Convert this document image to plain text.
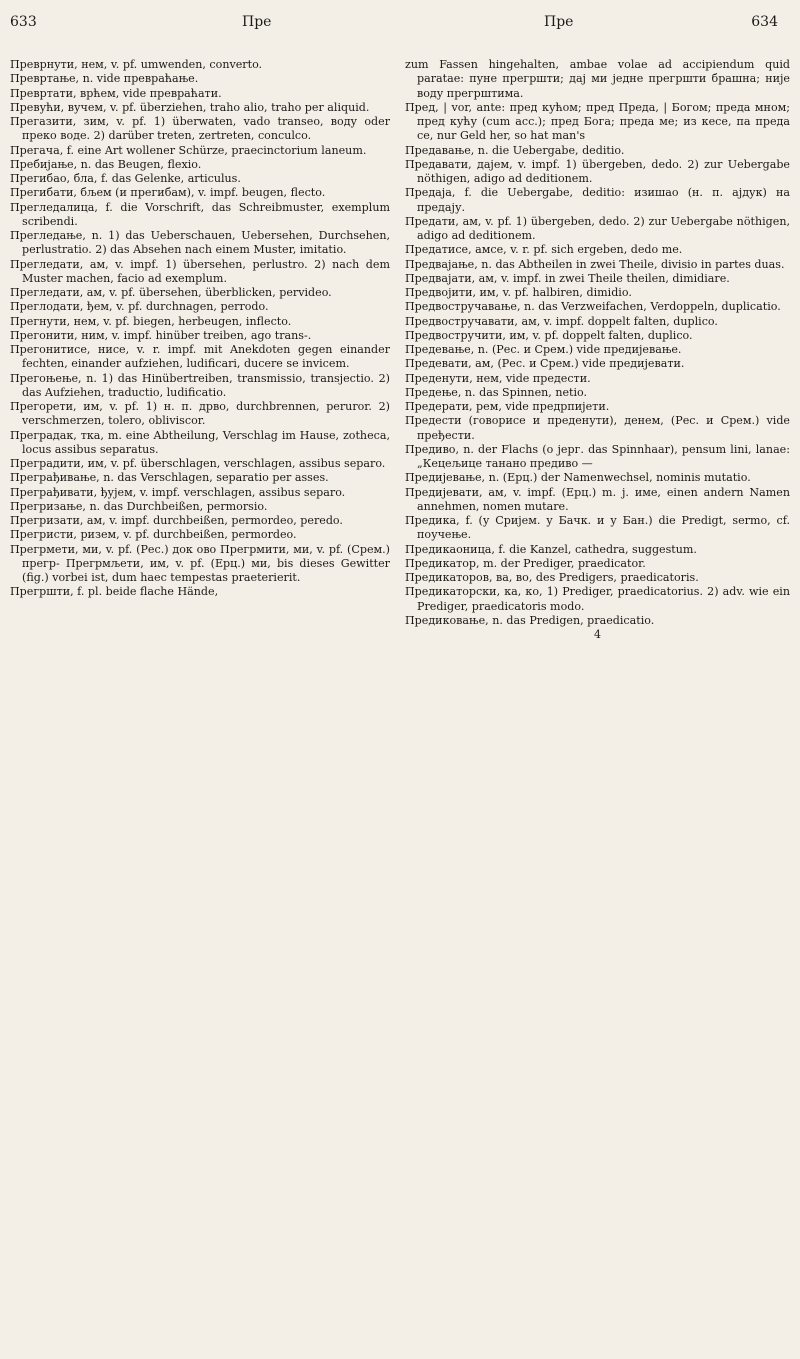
633	Пре	Пре	634

Преврнути, нем, v. pf. umwenden, converto.

Превртање, n. vide превраћање.

Превртати, врћем, vide превраћати.

Превући, вучем, v. pf. überziehen, traho alio, traho per aliquid.

Прегазити, зим, v. pf. 1) überwaten, vado transeo, воду oder преко воде. 2) darüber treten, zertreten, conculco.

Прегача, f. eine Art wollener Schürze, praecinctorium laneum.

Пребијање, n. das Beugen, flexio.

Прегибао, бла, f. das Gelenke, articulus.

Прегибати, бљем (и прегибам), v. impf. beugen, flecto.

Прегледалица, f. die Vorschrift, das Schreibmuster, exemplum scribendi.

Прегледање, n. 1) das Ueberschauen, Uebersehen, Durchsehen, perlustratio. 2) das Absehen nach einem Muster, imitatio.

Прегледати, ам, v. impf. 1) übersehen, perlustro. 2) nach dem Muster machen, facio ad exemplum.

Прегледати, ам, v. pf. übersehen, überblicken, pervideo.

Преглодати, ђем, v. pf. durchnagen, perrodo.

Прегнути, нем, v. pf. biegen, herbeugen, inflecto.

Прегонити, ним, v. impf. hinüber treiben, ago trans-.

Прегонитисе, нисе, v. r. impf. mit Anekdoten gegen einander fechten, einander aufziehen, ludificari, ducere se invicem.

Прегоњење, n. 1) das Hinübertreiben, transmissio, transjectio. 2) das Aufziehen, traductio, ludificatio.

Прегорети, им, v. pf. 1) н. п. дрво, durchbrennen, peruror. 2) verschmerzen, tolero, obliviscor.

Преградак, тка, m. eine Abtheilung, Verschlag im Hause, zotheca, locus assibus separatus.

Преградити, им, v. pf. überschlagen, verschlagen, assibus separo.

Преграђивање, n. das Verschlagen, separatio per asses.

Преграђивати, ђујем, v. impf. verschlagen, assibus separo.

Прегризање, n. das Durchbeißen, permorsio.

Прегризати, ам, v. impf. durchbeißen, permordeo, peredo.

Прегристи, ризем, v. pf. durchbeißen, permordeo.

Прегрмети, ми, v. pf. (Рес.) док ово Прегрмити, ми, v. pf. (Срем.) прегр- Прегрмљети, им, v. pf. (Ерц.) ми, bis dieses Gewitter (fig.) vorbei ist, dum haec tempestas praeterierit.

Прегршти, f. pl. beide flache Hände,

zum Fassen hingehalten, ambae volae ad accipiendum quid paratae: пуне прегршти; дај ми једне прегршти брашна; није воду прегрштима.

Пред, | vor, ante: пред кућом; пред Преда, | Богом; преда мном; пред кућу (cum acc.); пред Бога; преда ме; из кесе, па преда се, nur Geld her, so hat man's

Предавање, n. die Uebergabe, deditio.

Предавати, дајем, v. impf. 1) übergeben, dedo. 2) zur Uebergabe nöthigen, adigo ad deditionem.

Предаја, f. die Uebergabe, deditio: изишао (н. п. ајдук) на предају.

Предати, ам, v. pf. 1) übergeben, dedo. 2) zur Uebergabe nöthigen, adigo ad deditionem.

Предатисе, амсе, v. r. pf. sich ergeben, dedo me.

Предвајање, n. das Abtheilen in zwei Theile, divisio in partes duas.

Предвајати, ам, v. impf. in zwei Theile theilen, dimidiare.

Предвојити, им, v. pf. halbiren, dimidio.

Предвостручавање, n. das Verzweifachen, Verdoppeln, duplicatio.

Предвостручавати, ам, v. impf. doppelt falten, duplico.

Предвостручити, им, v. pf. doppelt falten, duplico.

Предевање, n. (Рес. и Срем.) vide предијевање.

Предевати, ам, (Рес. и Срем.) vide предијевати.

Преденути, нем, vide предести.

Предење, n. das Spinnen, netio.

Предерати, рем, vide предрпијети.

Предести (говорисе и преденути), денем, (Рес. и Срем.) vide пређести.

Предиво, n. der Flachs (о јерг. das Spinnhaar), pensum lini, lanae: „Кецељице танано предиво —

Предијевање, n. (Ерц.) der Namenwechsel, nominis mutatio.

Предијевати, ам, v. impf. (Ерц.) m. j. име, einen andern Namen annehmen, nomen mutare.

Предика, f. (у Сријем. у Бачк. и у Бан.) die Predigt, sermo, cf. поучење.

Предикаоница, f. die Kanzel, cathedra, suggestum.

Предикатор, m. der Prediger, praedicator.

Предикаторов, ва, во, des Predigers, praedicatoris.

Предикаторски, ка, ко, 1) Prediger, praedicatorius. 2) adv. wie ein Prediger, praedicatoris modo.

Предиковање, n. das Predigen, praedicatio.

4
